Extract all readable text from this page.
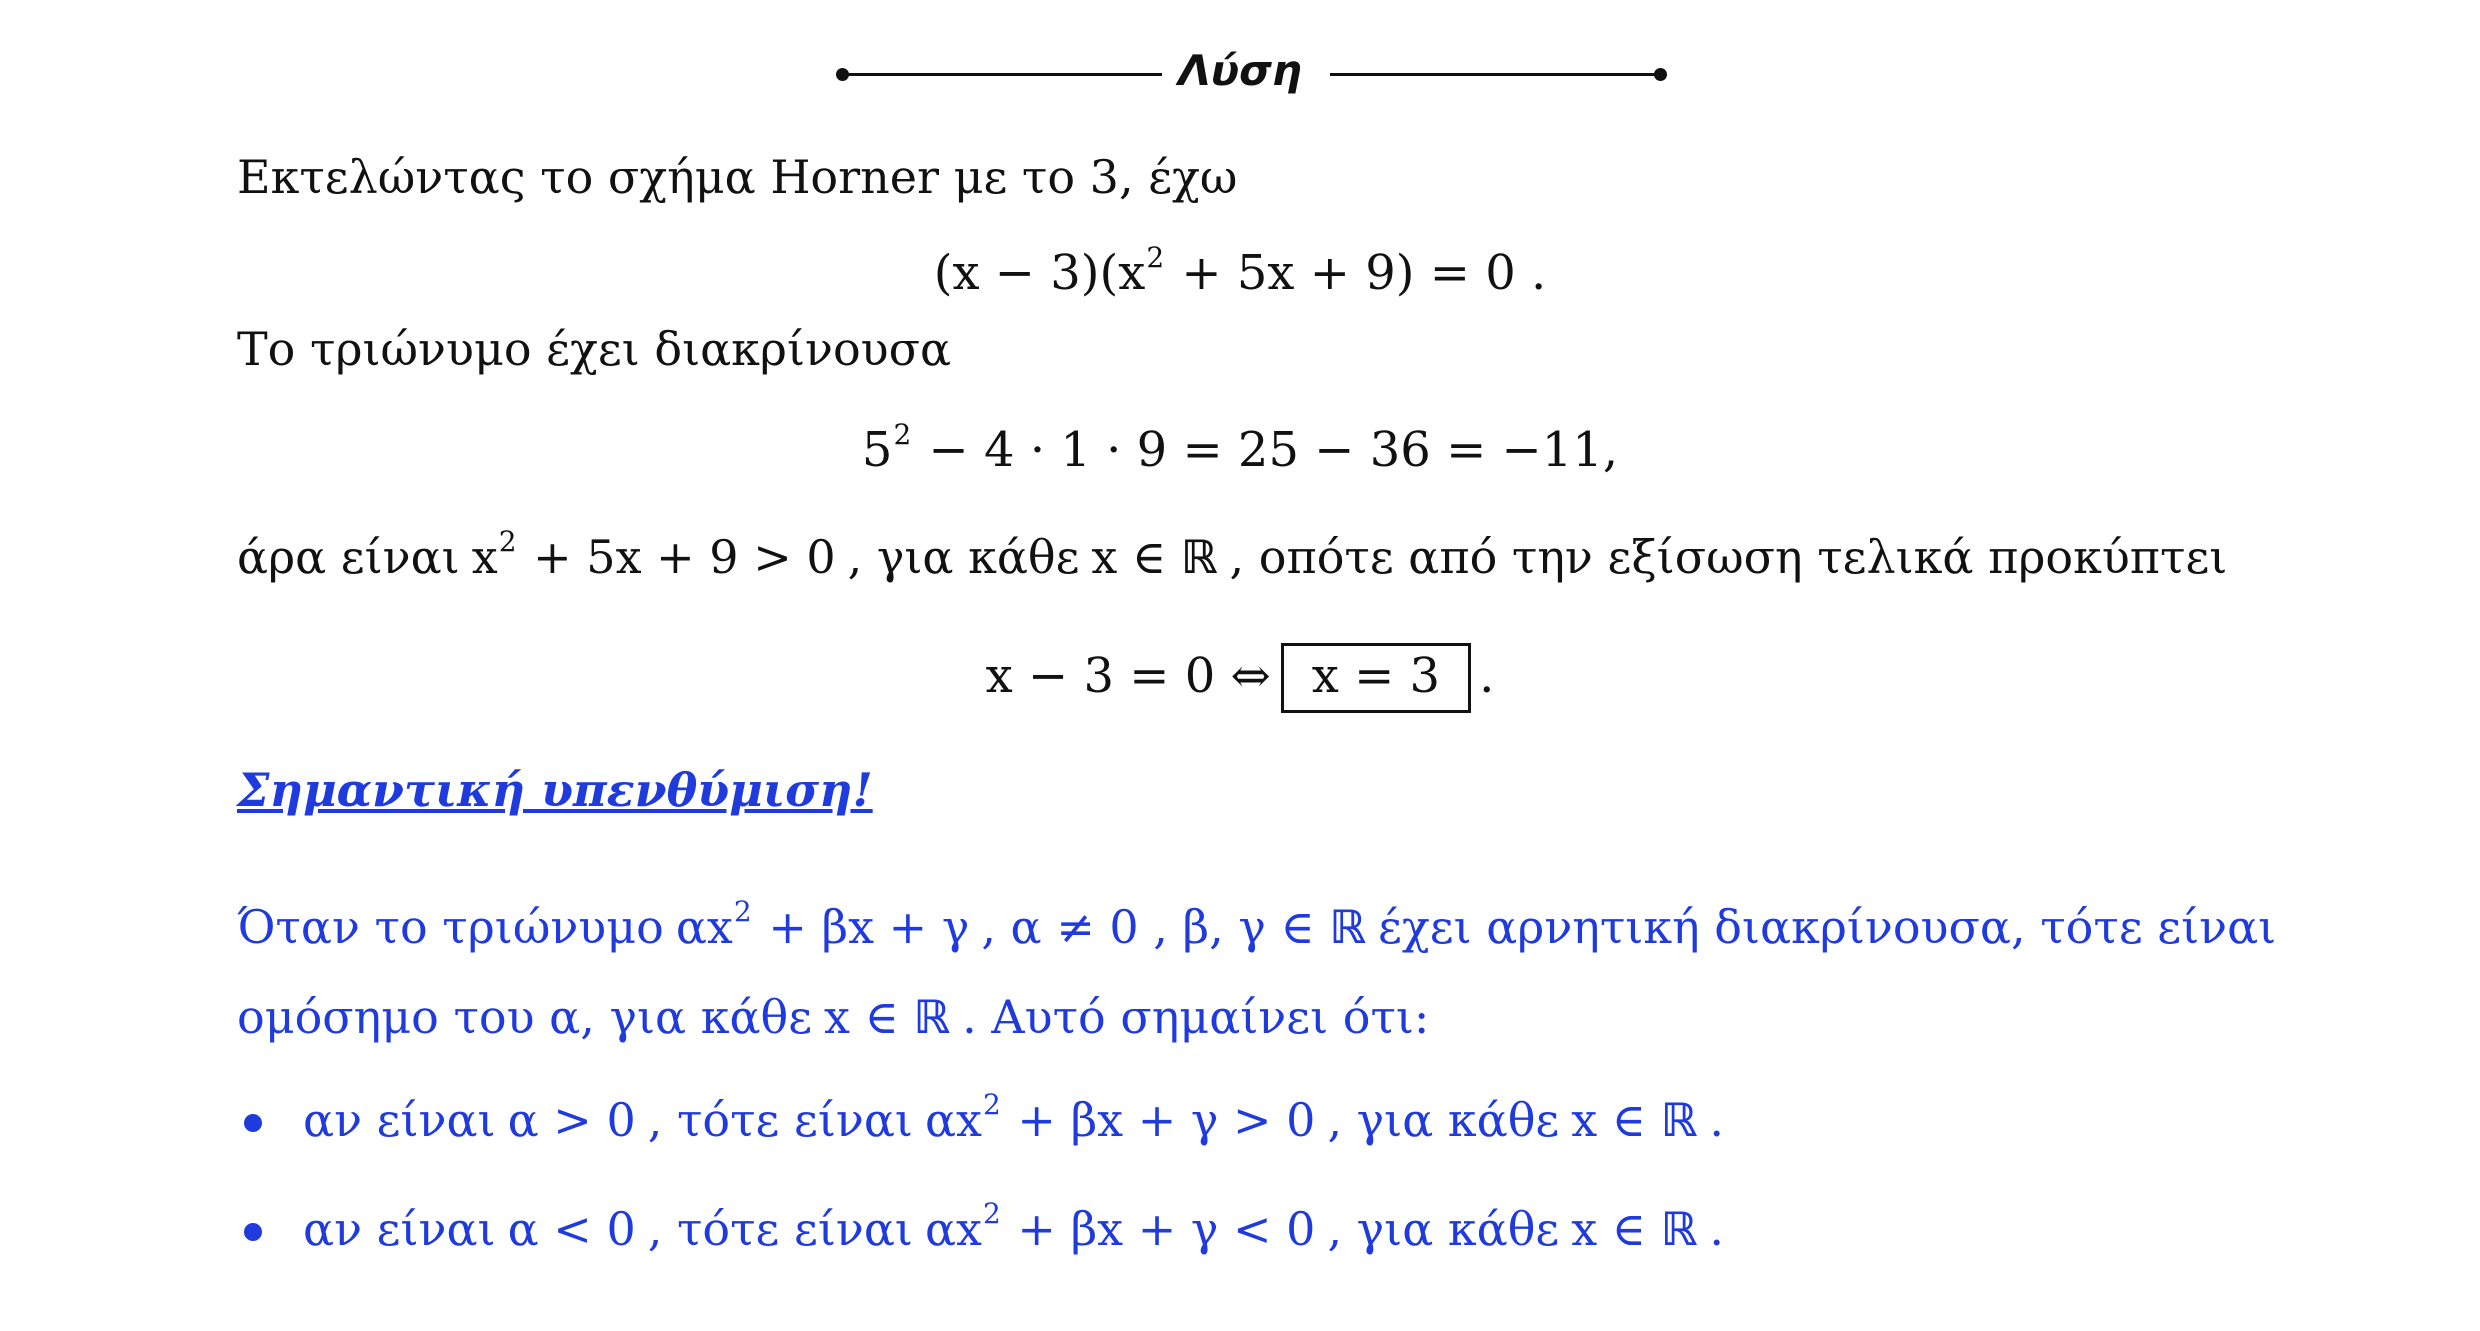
Λύση
Εκτελώντας το σχήμα Horner με το 3, έχω
$(x - 3)(x^2 + 5x + 9) = 0$ .
Το τριώνυμο έχει διακρίνουσα
$5^2 - 4 \cdot 1 \cdot 9 = 25 - 36 = -11$,
άρα είναι $x^2 + 5x + 9 > 0$ , για κάθε x ∈ ℝ , οπότε από την εξίσωση τελικά προκύπτει
x − 3 = 0 ⇔ x = 3 .
Σημαντική υπενθύμιση!
Όταν το τριώνυμο $\alpha x^2 + \beta x + \gamma$ , α ≠ 0 , β, γ ∈ ℝ έχει αρνητική διακρίνουσα, τότε είναι
ομόσημο του α, για κάθε x ∈ ℝ . Αυτό σημαίνει ότι:
αν είναι α > 0 , τότε είναι $\alpha x^2 + \beta x + \gamma > 0$ , για κάθε x ∈ ℝ .
αν είναι α < 0 , τότε είναι $\alpha x^2 + \beta x + \gamma < 0$ , για κάθε x ∈ ℝ .
